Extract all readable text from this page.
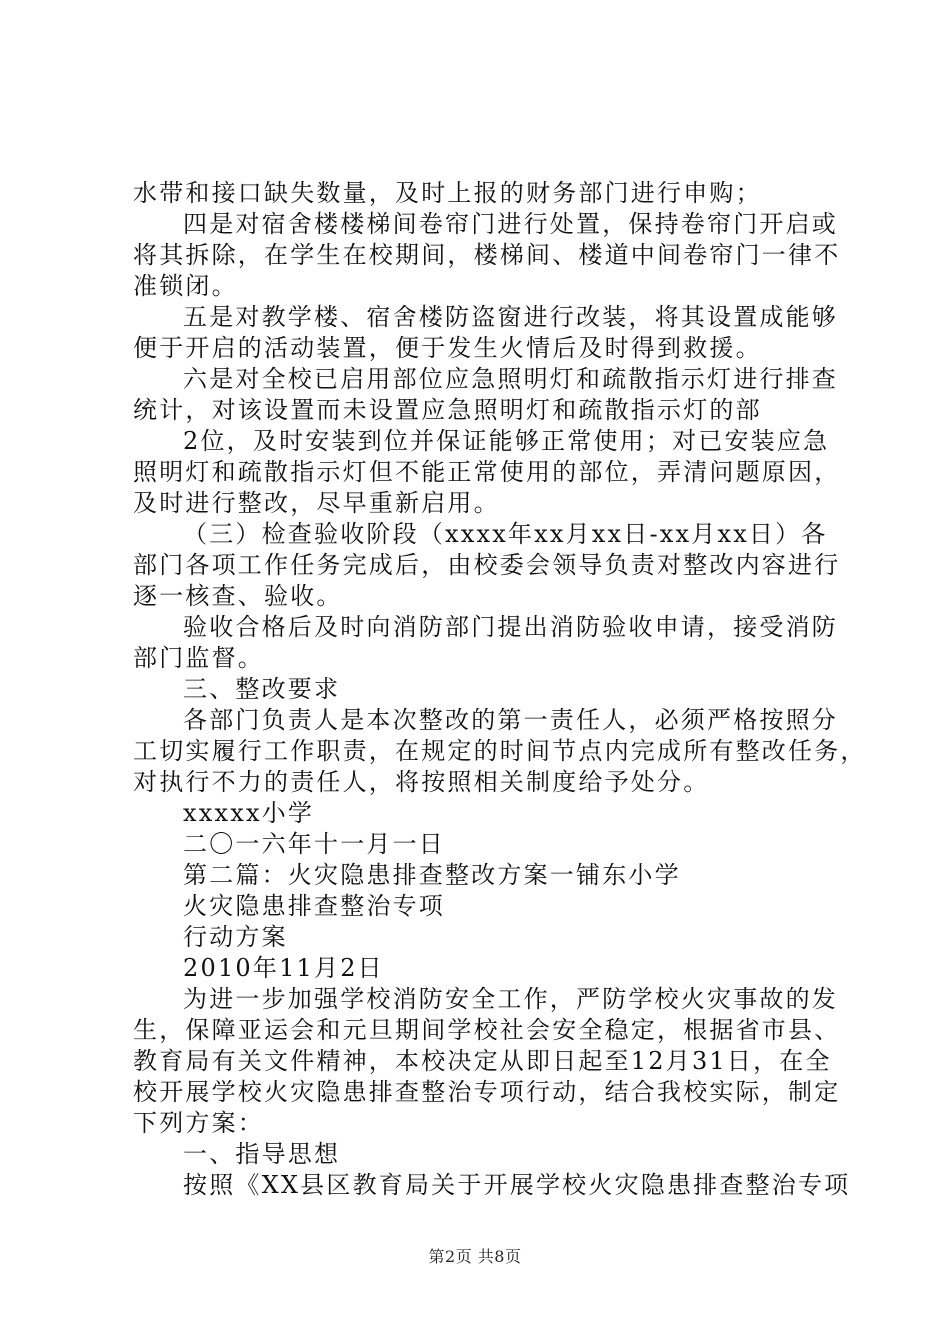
水带和接口缺失数量，及时上报的财务部门进行申购；
四是对宿舍楼楼梯间卷帘门进行处置，保持卷帘门开启或
将其拆除，在学生在校期间，楼梯间、楼道中间卷帘门一律不
准锁闭。
五是对教学楼、宿舍楼防盗窗进行改装，将其设置成能够
便于开启的活动装置，便于发生火情后及时得到救援。
六是对全校已启用部位应急照明灯和疏散指示灯进行排查
统计，对该设置而未设置应急照明灯和疏散指示灯的部
2位，及时安装到位并保证能够正常使用；对已安装应急
照明灯和疏散指示灯但不能正常使用的部位，弄清问题原因，
及时进行整改，尽早重新启用。
（三）检查验收阶段（xxxx年xx月xx日-xx月xx日）各
部门各项工作任务完成后，由校委会领导负责对整改内容进行
逐一核查、验收。
验收合格后及时向消防部门提出消防验收申请，接受消防
部门监督。
三、整改要求
各部门负责人是本次整改的第一责任人，必须严格按照分
工切实履行工作职责，在规定的时间节点内完成所有整改任务，
对执行不力的责任人，将按照相关制度给予处分。
xxxxx小学
二〇一六年十一月一日
第二篇：火灾隐患排查整改方案一铺东小学
火灾隐患排查整治专项
行动方案
2010年11月2日
为进一步加强学校消防安全工作，严防学校火灾事故的发
生，保障亚运会和元旦期间学校社会安全稳定，根据省市县、
教育局有关文件精神，本校决定从即日起至12月31日，在全
校开展学校火灾隐患排查整治专项行动，结合我校实际，制定
下列方案：
一、指导思想
按照《XX县区教育局关于开展学校火灾隐患排查整治专项
第2页 共8页
